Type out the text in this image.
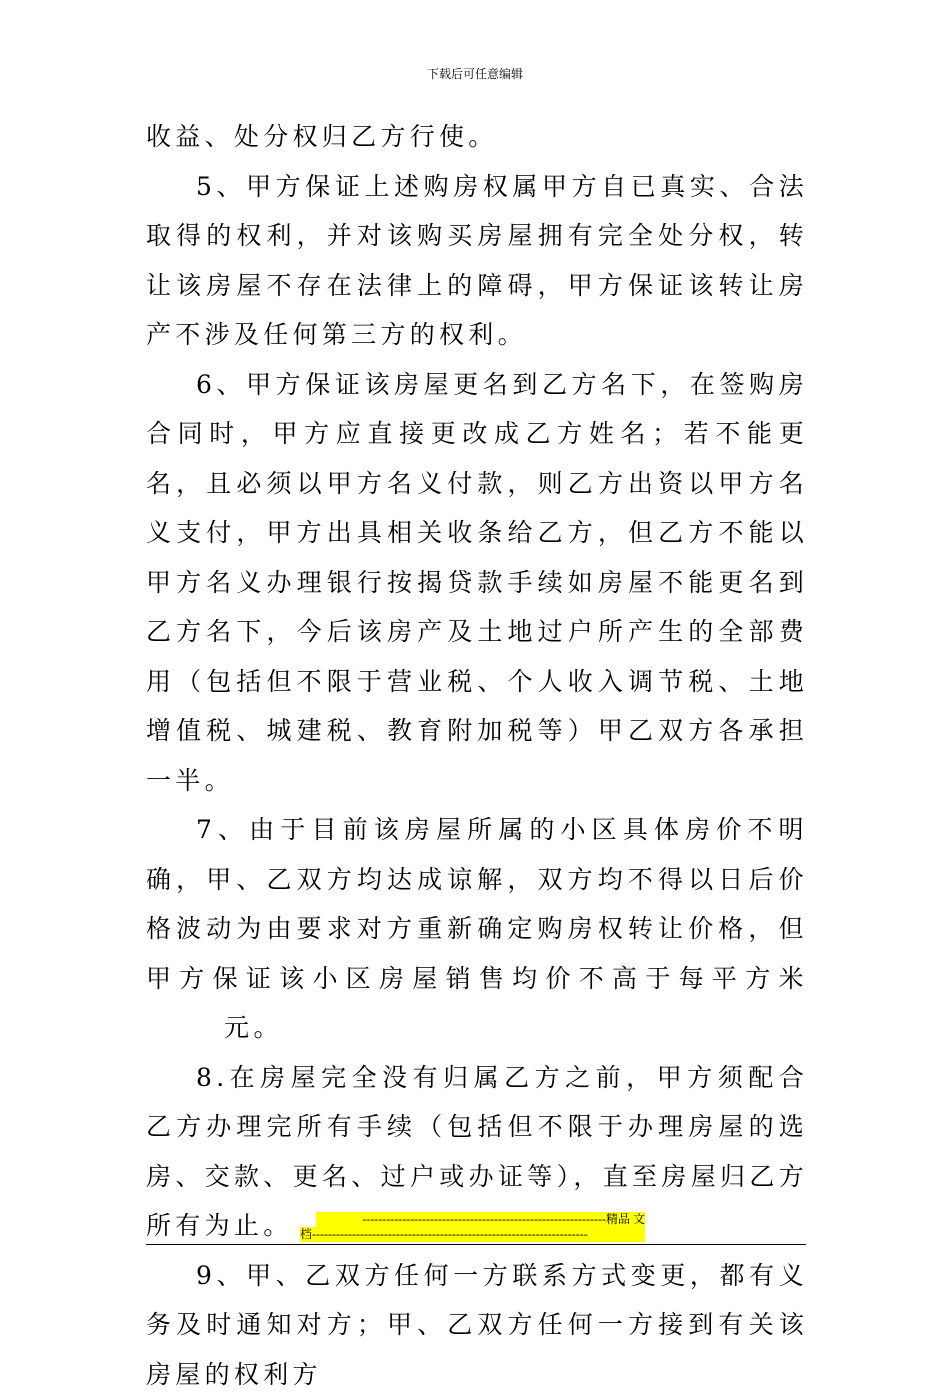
下载后可任意编辑

收益、处分权归乙方行使。

5、甲方保证上述购房权属甲方自已真实、合法取得的权利，并对该购买房屋拥有完全处分权，转让该房屋不存在法律上的障碍，甲方保证该转让房产不涉及任何第三方的权利。

6、甲方保证该房屋更名到乙方名下，在签购房合同时，甲方应直接更改成乙方姓名；若不能更名，且必须以甲方名义付款，则乙方出资以甲方名义支付，甲方出具相关收条给乙方，但乙方不能以甲方名义办理银行按揭贷款手续如房屋不能更名到乙方名下，今后该房产及土地过户所产生的全部费用（包括但不限于营业税、个人收入调节税、土地增值税、城建税、教育附加税等）甲乙双方各承担一半。

7、由于目前该房屋所属的小区具体房价不明确，甲、乙双方均达成谅解，双方均不得以日后价格波动为由要求对方重新确定购房权转让价格，但甲方保证该小区房屋销售均价不高于每平方米元。

8.在房屋完全没有归属乙方之前，甲方须配合乙方办理完所有手续（包括但不限于办理房屋的选房、交款、更名、过户或办证等），直至房屋归乙方所有为止。

9、甲、乙双方任何一方联系方式变更，都有义务及时通知对方；甲、乙双方任何一方接到有关该房屋的权利方

-------------------------------------------------------------精品 文
档---------------------------------------------------------------------
